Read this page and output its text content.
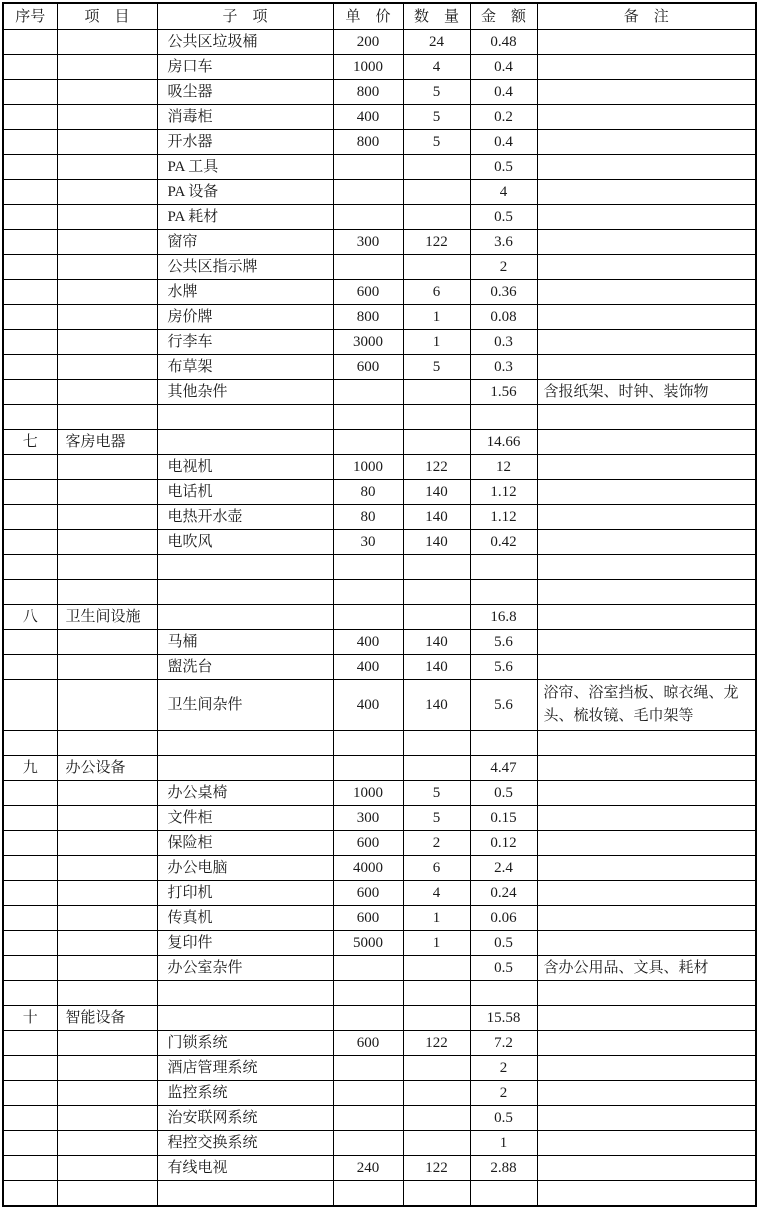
序号	项　目	子　项	单　价	数　量	金　额	备　注
		公共区垃圾桶	200	24	0.48	
		房口车	1000	4	0.4	
		吸尘器	800	5	0.4	
		消毒柜	400	5	0.2	
		开水器	800	5	0.4	
		PA 工具			0.5	
		PA 设备			4	
		PA 耗材			0.5	
		窗帘	300	122	3.6	
		公共区指示牌			2	
		水牌	600	6	0.36	
		房价牌	800	1	0.08	
		行李车	3000	1	0.3	
		布草架	600	5	0.3	
		其他杂件			1.56	含报纸架、时钟、装饰物

七	客房电器				14.66	
		电视机	1000	122	12	
		电话机	80	140	1.12	
		电热开水壶	80	140	1.12	
		电吹风	30	140	0.42	

八	卫生间设施				16.8	
		马桶	400	140	5.6	
		盥洗台	400	140	5.6	
		卫生间杂件	400	140	5.6	浴帘、浴室挡板、晾衣绳、龙头、梳妆镜、毛巾架等

九	办公设备				4.47	
		办公桌椅	1000	5	0.5	
		文件柜	300	5	0.15	
		保险柜	600	2	0.12	
		办公电脑	4000	6	2.4	
		打印机	600	4	0.24	
		传真机	600	1	0.06	
		复印件	5000	1	0.5	
		办公室杂件			0.5	含办公用品、文具、耗材

十	智能设备				15.58	
		门锁系统	600	122	7.2	
		酒店管理系统			2	
		监控系统			2	
		治安联网系统			0.5	
		程控交换系统			1	
		有线电视	240	122	2.88	
